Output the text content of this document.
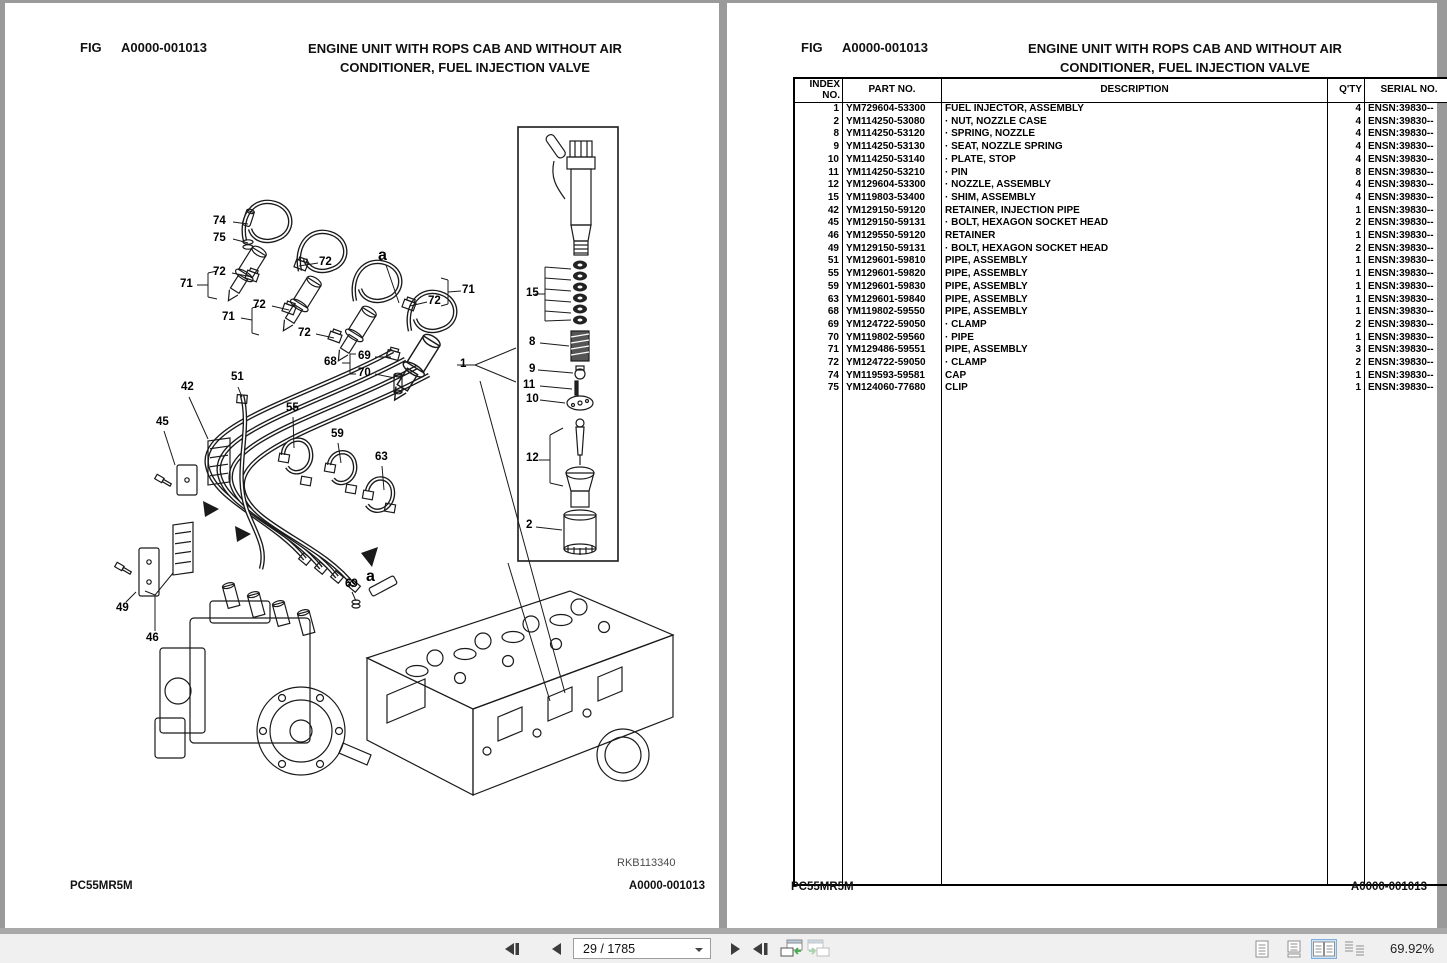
FIG A0000-001013	ENGINE UNIT WITH ROPS CAB AND WITHOUT AIR
CONDITIONER, FUEL INJECTION VALVE
74
75
72
71
72	a
71
72	72
71
72
68 69
70
1
42
51
45
55
59
63
69 a
49
46
15
8
9
11
10
12
2
RKB113340
PC55MR5M	A0000-001013
FIG A0000-001013	ENGINE UNIT WITH ROPS CAB AND WITHOUT AIR
CONDITIONER, FUEL INJECTION VALVE
INDEX NO.	PART NO.	DESCRIPTION	Q'TY	SERIAL NO.
1	YM729604-53300	FUEL INJECTOR, ASSEMBLY	4	ENSN:39830--
2	YM114250-53080	· NUT, NOZZLE CASE	4	ENSN:39830--
8	YM114250-53120	· SPRING, NOZZLE	4	ENSN:39830--
9	YM114250-53130	· SEAT, NOZZLE SPRING	4	ENSN:39830--
10	YM114250-53140	· PLATE, STOP	4	ENSN:39830--
11	YM114250-53210	· PIN	8	ENSN:39830--
12	YM129604-53300	· NOZZLE, ASSEMBLY	4	ENSN:39830--
15	YM119803-53400	· SHIM, ASSEMBLY	4	ENSN:39830--
42	YM129150-59120	RETAINER, INJECTION PIPE	1	ENSN:39830--
45	YM129150-59131	· BOLT, HEXAGON SOCKET HEAD	2	ENSN:39830--
46	YM129550-59120	RETAINER	1	ENSN:39830--
49	YM129150-59131	· BOLT, HEXAGON SOCKET HEAD	2	ENSN:39830--
51	YM129601-59810	PIPE, ASSEMBLY	1	ENSN:39830--
55	YM129601-59820	PIPE, ASSEMBLY	1	ENSN:39830--
59	YM129601-59830	PIPE, ASSEMBLY	1	ENSN:39830--
63	YM129601-59840	PIPE, ASSEMBLY	1	ENSN:39830--
68	YM119802-59550	PIPE, ASSEMBLY	1	ENSN:39830--
69	YM124722-59050	· CLAMP	2	ENSN:39830--
70	YM119802-59560	· PIPE	1	ENSN:39830--
71	YM129486-59551	PIPE, ASSEMBLY	3	ENSN:39830--
72	YM124722-59050	· CLAMP	2	ENSN:39830--
74	YM119593-59581	CAP	1	ENSN:39830--
75	YM124060-77680	CLIP	1	ENSN:39830--

PC55MR5M	A0000-001013
29 / 1785	69.92%
